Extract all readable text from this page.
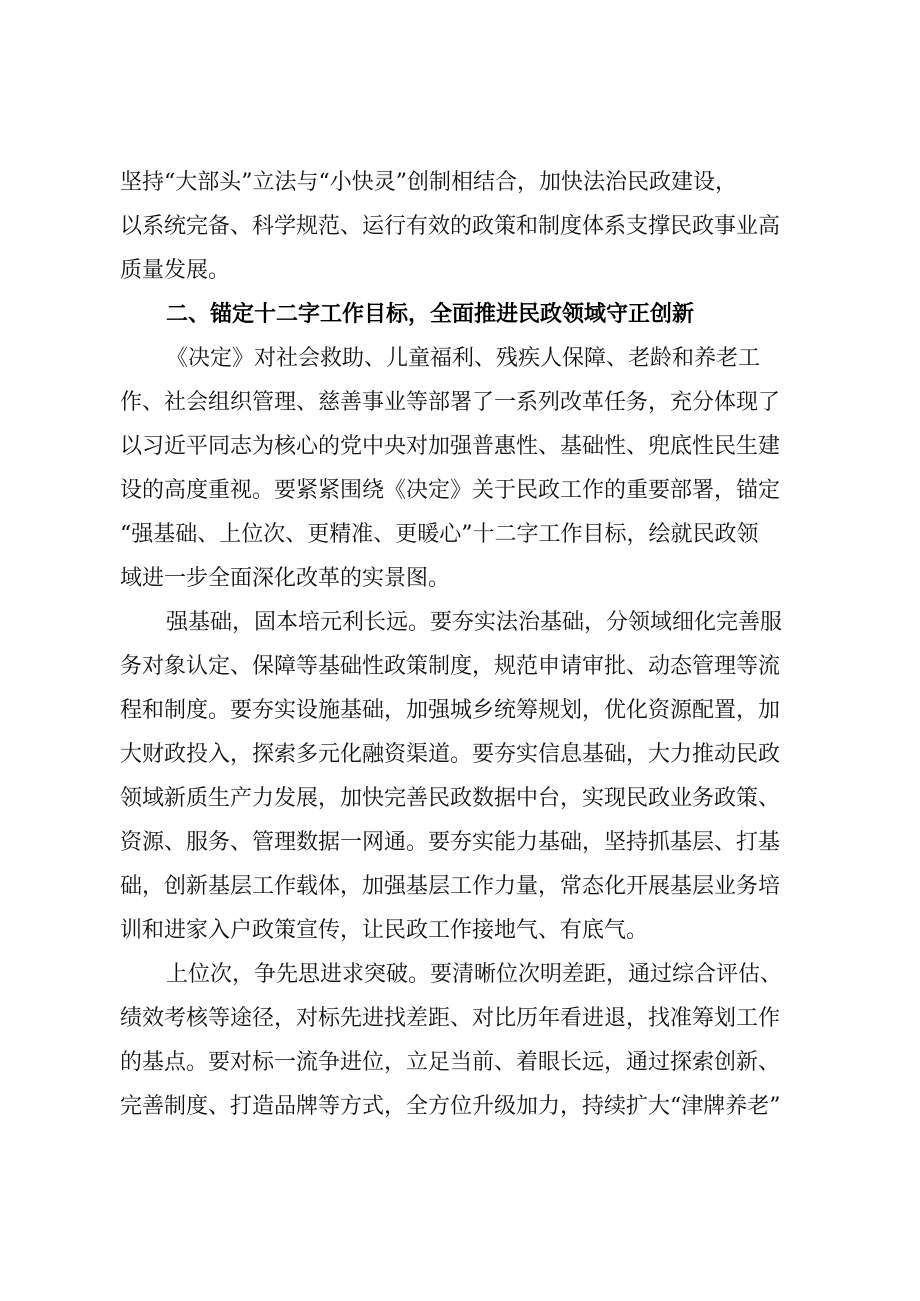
坚持“大部头”立法与“小快灵”创制相结合，加快法治民政建设，
以系统完备、科学规范、运行有效的政策和制度体系支撑民政事业高
质量发展。
二、锚定十二字工作目标，全面推进民政领域守正创新
《决定》对社会救助、儿童福利、残疾人保障、老龄和养老工
作、社会组织管理、慈善事业等部署了一系列改革任务，充分体现了
以习近平同志为核心的党中央对加强普惠性、基础性、兜底性民生建
设的高度重视。要紧紧围绕《决定》关于民政工作的重要部署，锚定
“强基础、上位次、更精准、更暖心”十二字工作目标，绘就民政领
域进一步全面深化改革的实景图。
强基础，固本培元利长远。要夯实法治基础，分领域细化完善服
务对象认定、保障等基础性政策制度，规范申请审批、动态管理等流
程和制度。要夯实设施基础，加强城乡统筹规划，优化资源配置，加
大财政投入，探索多元化融资渠道。要夯实信息基础，大力推动民政
领域新质生产力发展，加快完善民政数据中台，实现民政业务政策、
资源、服务、管理数据一网通。要夯实能力基础，坚持抓基层、打基
础，创新基层工作载体，加强基层工作力量，常态化开展基层业务培
训和进家入户政策宣传，让民政工作接地气、有底气。
上位次，争先思进求突破。要清晰位次明差距，通过综合评估、
绩效考核等途径，对标先进找差距、对比历年看进退，找准筹划工作
的基点。要对标一流争进位，立足当前、着眼长远，通过探索创新、
完善制度、打造品牌等方式，全方位升级加力，持续扩大“津牌养老”
